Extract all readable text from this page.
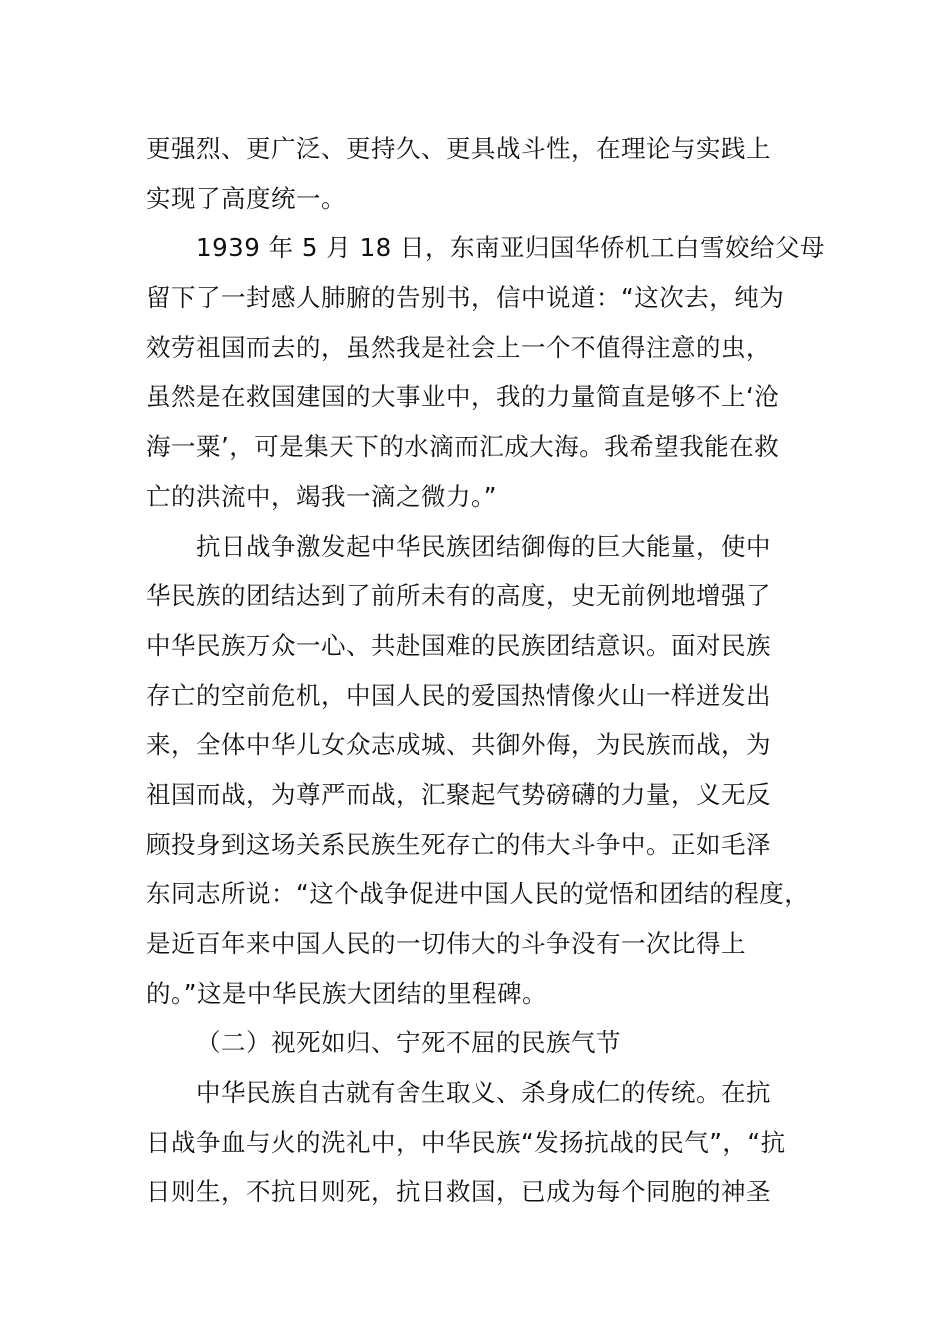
更强烈、更广泛、更持久、更具战斗性，在理论与实践上
实现了高度统一。
1939 年 5 月 18 日，东南亚归国华侨机工白雪姣给父母
留下了一封感人肺腑的告别书，信中说道：“这次去，纯为
效劳祖国而去的，虽然我是社会上一个不值得注意的虫，
虽然是在救国建国的大事业中，我的力量简直是够不上‘沧
海一粟’，可是集天下的水滴而汇成大海。我希望我能在救
亡的洪流中，竭我一滴之微力。”
抗日战争激发起中华民族团结御侮的巨大能量，使中
华民族的团结达到了前所未有的高度，史无前例地增强了
中华民族万众一心、共赴国难的民族团结意识。面对民族
存亡的空前危机，中国人民的爱国热情像火山一样迸发出
来，全体中华儿女众志成城、共御外侮，为民族而战，为
祖国而战，为尊严而战，汇聚起气势磅礴的力量，义无反
顾投身到这场关系民族生死存亡的伟大斗争中。正如毛泽
东同志所说：“这个战争促进中国人民的觉悟和团结的程度，
是近百年来中国人民的一切伟大的斗争没有一次比得上
的。”这是中华民族大团结的里程碑。
（二）视死如归、宁死不屈的民族气节
中华民族自古就有舍生取义、杀身成仁的传统。在抗
日战争血与火的洗礼中，中华民族“发扬抗战的民气”，“抗
日则生，不抗日则死，抗日救国，已成为每个同胞的神圣
